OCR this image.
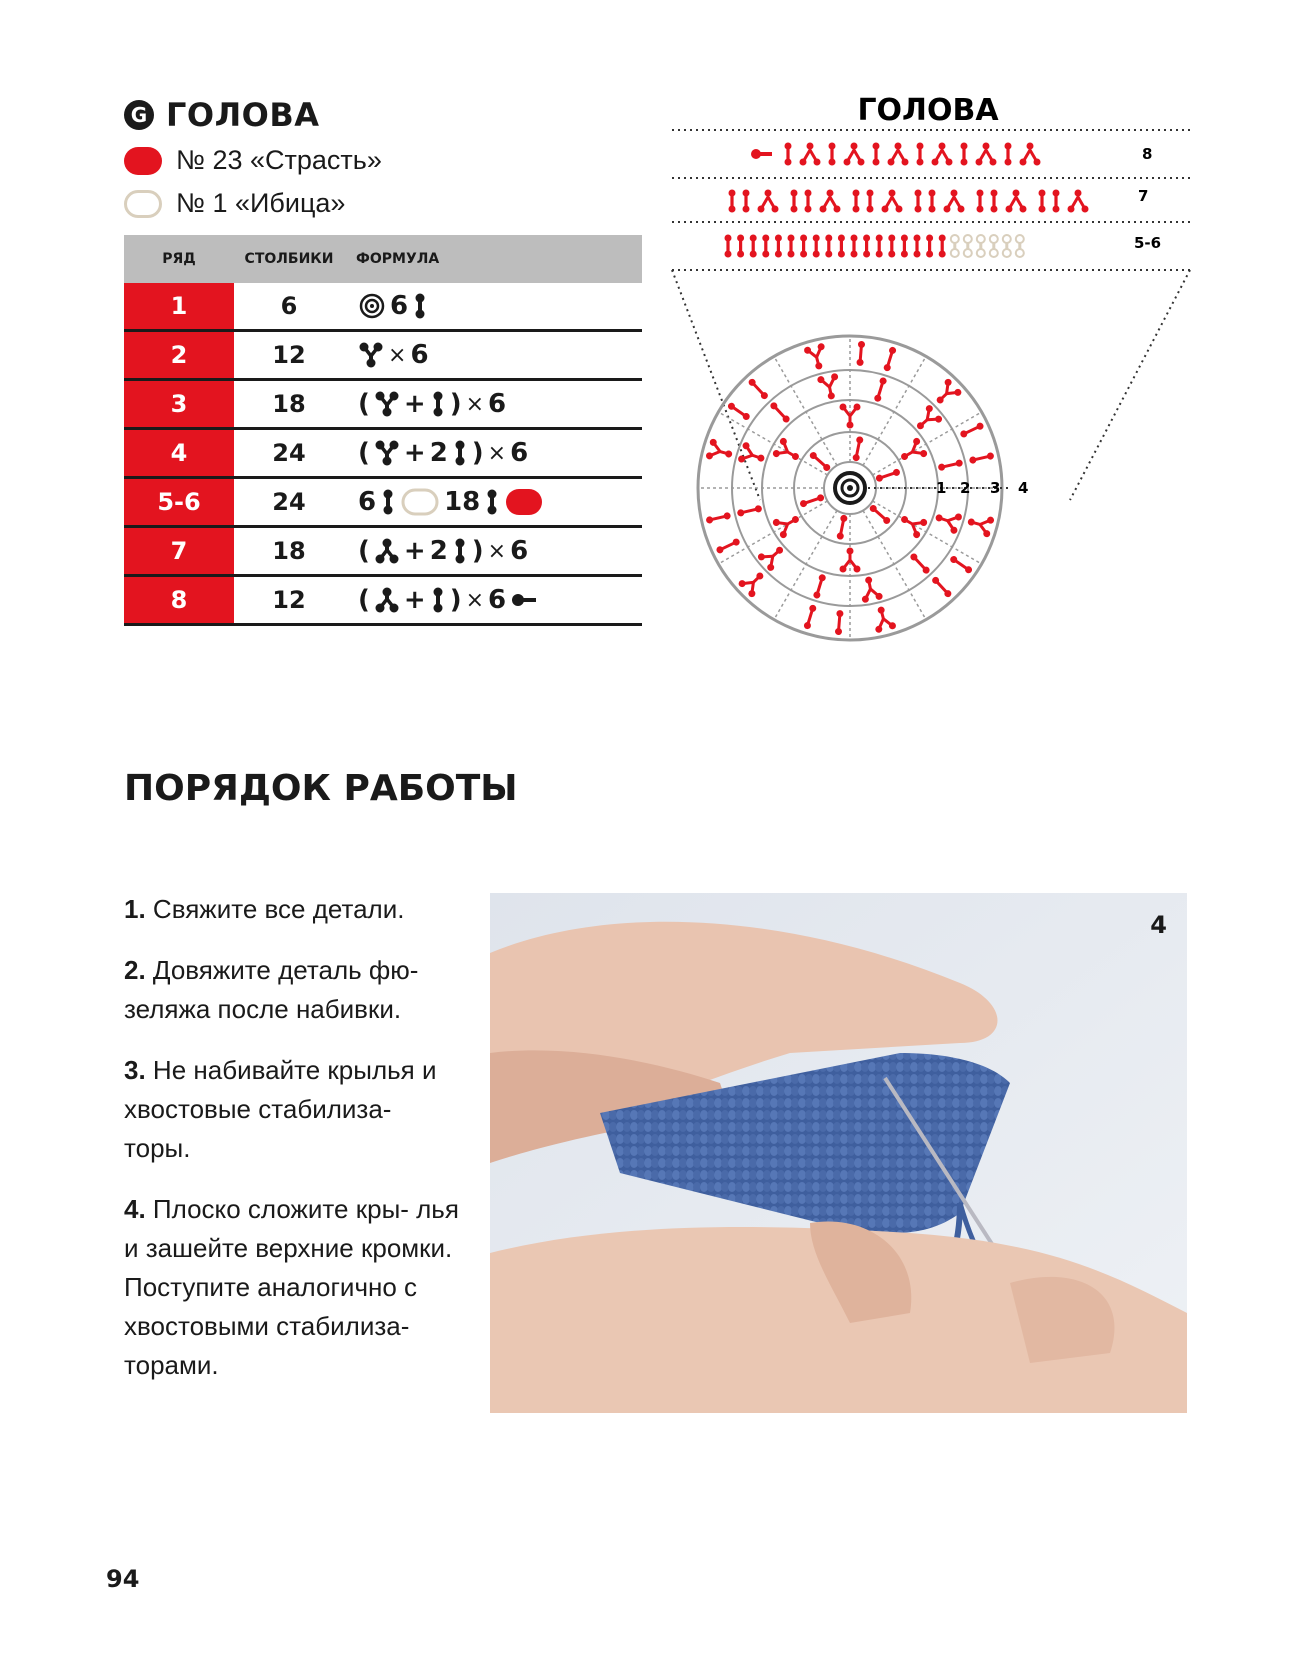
G ГОЛОВА
№ 23 «Страсть»
№ 1 «Ибица»
РЯД	СТОЛБИКИ	ФОРМУЛА
1	6	6
2	12	× 6
3	18	( + ) × 6
4	24	( + 2 ) × 6
5-6	24	6	18
7	18	( + 2 ) × 6
8	12	( + ) × 6
ГОЛОВА
8
7
5-6
1 2 3 4
ПОРЯДОК РАБОТЫ

1. Свяжите все детали.

2. Довяжите деталь фю- зеляжа после набивки.

3. Не набивайте крылья и хвостовые стабилиза- торы.

4. Плоско сложите кры- лья и зашейте верхние кромки.

Поступите аналогично с хвостовыми стабилиза- торами.

4
94
